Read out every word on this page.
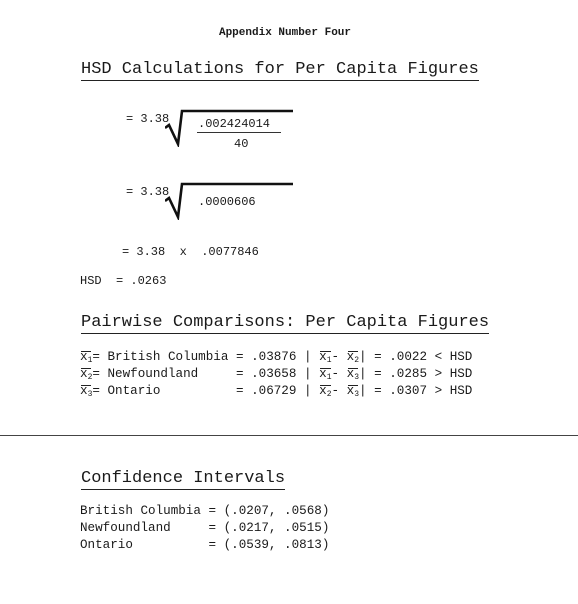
Appendix Number Four
HSD Calculations for Per Capita Figures
= 3.38 .002424014
40
= 3.38
.0000606
= 3.38  x  .0077846
HSD  = .0263
Pairwise Comparisons: Per Capita Figures
$x_1=$ British Columbia = .03876 | $x_1-$ $x_2| = .0022$ < HSD
$x_2=$ Newfoundland     = .03658 | $x_1-$ $x_3| = .0285$ > HSD
$x_3=$ Ontario          = .06729 | $x_2-$ $x_3| = .0307$ > HSD
Confidence Intervals
British Columbia = (.0207, .0568)
Newfoundland     = (.0217, .0515)
Ontario          = (.0539, .0813)
